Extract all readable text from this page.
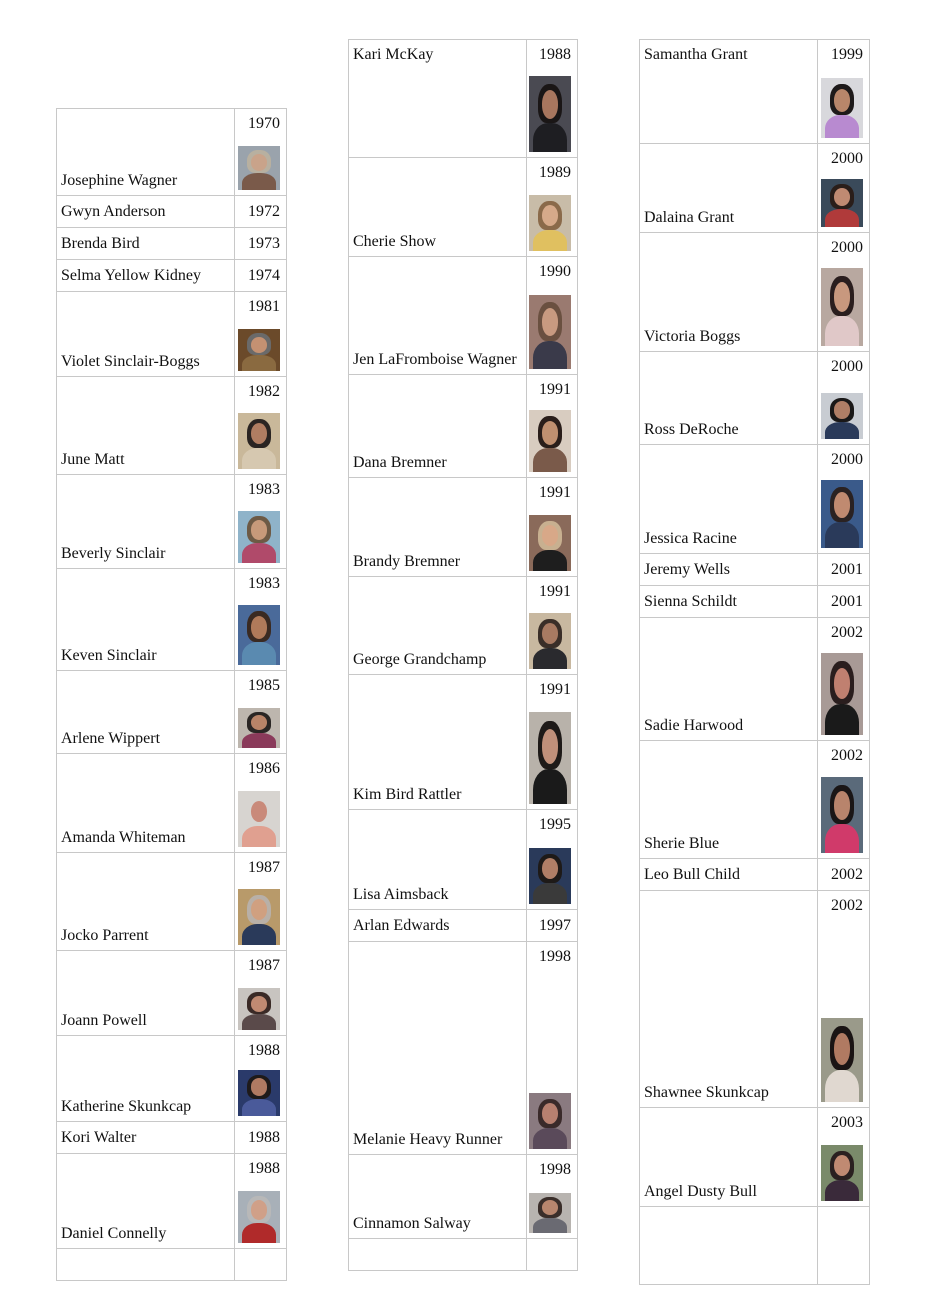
Josephine Wagner
1970
Gwyn Anderson	1972
Brenda Bird	1973
Selma Yellow Kidney	1974
Violet Sinclair-Boggs
1981
June Matt
1982
Beverly Sinclair
1983
Keven Sinclair
1983
Arlene Wippert
1985
Amanda Whiteman
1986
Jocko Parrent
1987
Joann Powell
1987
Katherine Skunkcap
1988
Kori Walter	1988
Daniel Connelly
1988
Kari McKay	1988
Cherie Show
1989
Jen LaFromboise Wagner
1990
Dana Bremner
1991
Brandy Bremner
1991
George Grandchamp
1991
Kim Bird Rattler
1991
Lisa Aimsback
1995
Arlan Edwards	1997
Melanie Heavy Runner
1998
Cinnamon Salway
1998
Samantha Grant	1999
Dalaina Grant
2000
Victoria Boggs
2000
Ross DeRoche
2000
Jessica Racine
2000
Jeremy Wells	2001
Sienna Schildt	2001
Sadie Harwood
2002
Sherie Blue
2002
Leo Bull Child	2002
Shawnee Skunkcap
2002
Angel Dusty Bull
2003
